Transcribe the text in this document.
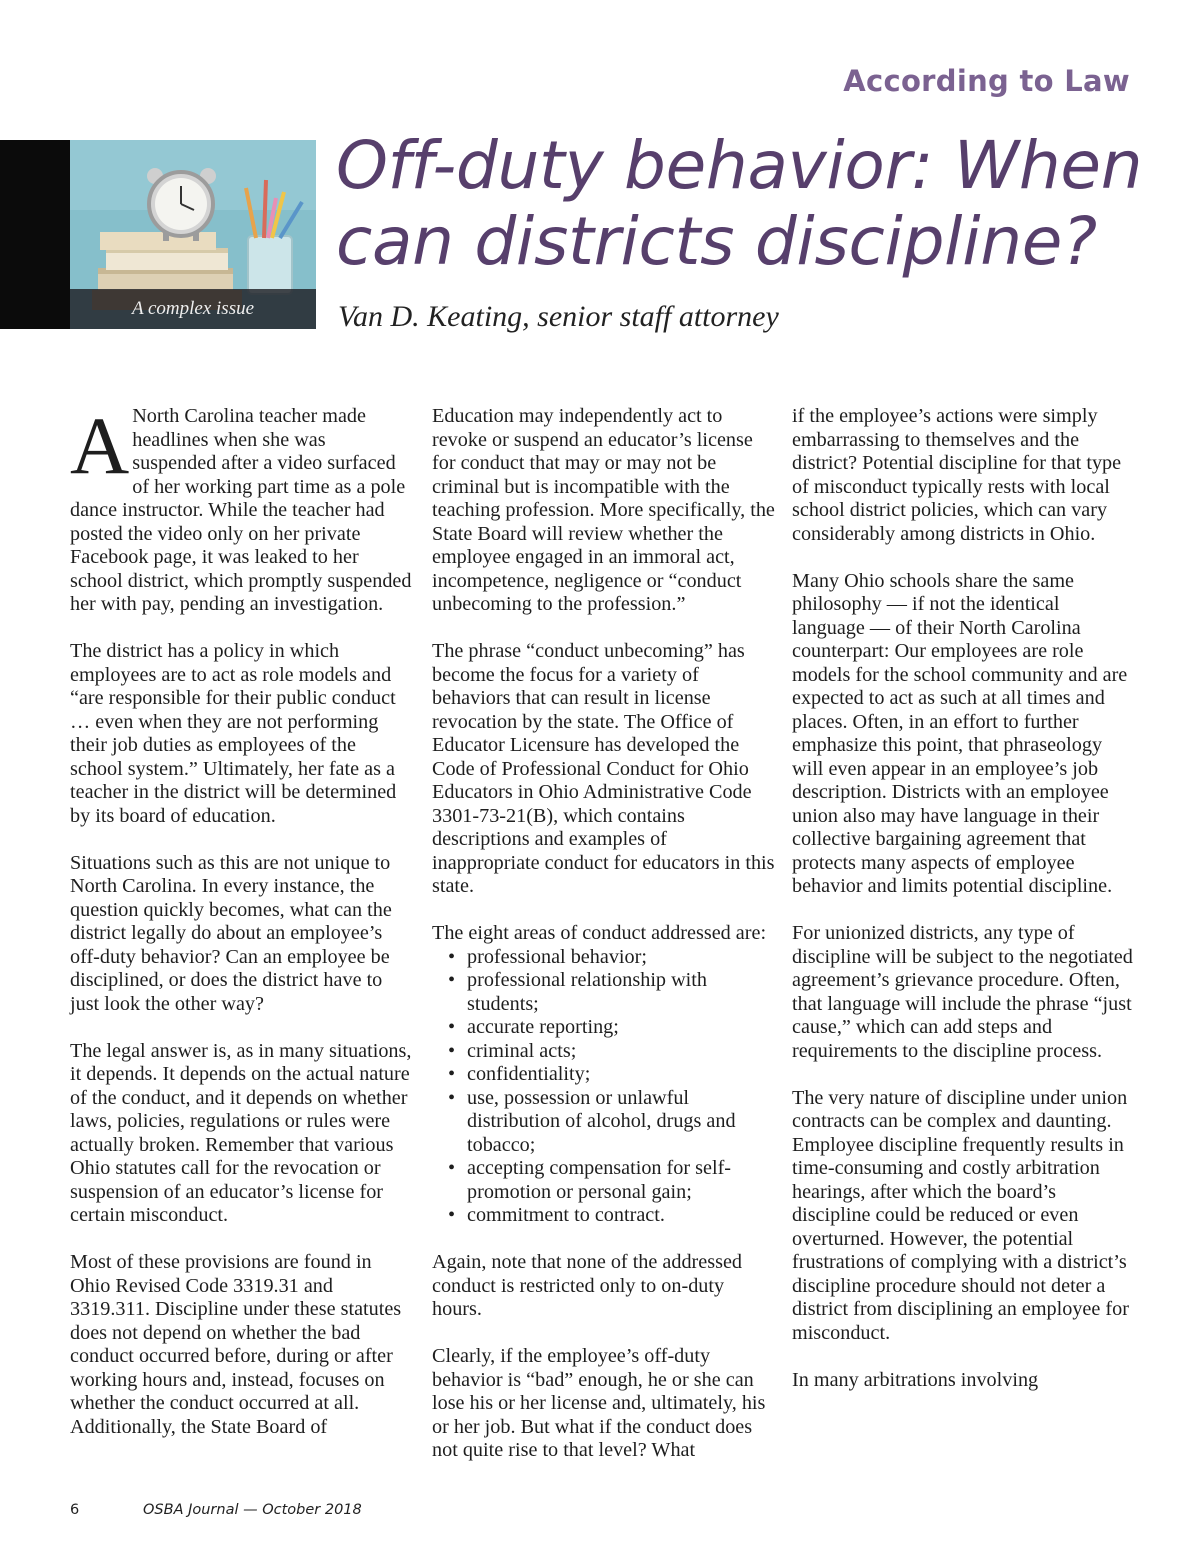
According to Law
A complex issue
Off-duty behavior: When can districts discipline?
Van D. Keating, senior staff attorney

A North Carolina teacher made headlines when she was suspended after a video surfaced of her working part time as a pole dance instructor. While the teacher had posted the video only on her private Facebook page, it was leaked to her school district, which promptly suspended her with pay, pending an investigation.

The district has a policy in which employees are to act as role models and “are responsible for their public conduct … even when they are not performing their job duties as employees of the school system.” Ultimately, her fate as a teacher in the district will be determined by its board of education.

Situations such as this are not unique to North Carolina. In every instance, the question quickly becomes, what can the district legally do about an employee’s off-duty behavior? Can an employee be disciplined, or does the district have to just look the other way?

The legal answer is, as in many situations, it depends. It depends on the actual nature of the conduct, and it depends on whether laws, policies, regulations or rules were actually broken. Remember that various Ohio statutes call for the revocation or suspension of an educator’s license for certain misconduct.

Most of these provisions are found in Ohio Revised Code 3319.31 and 3319.311. Discipline under these statutes does not depend on whether the bad conduct occurred before, during or after working hours and, instead, focuses on whether the conduct occurred at all. Additionally, the State Board of

Education may independently act to revoke or suspend an educator’s license for conduct that may or may not be criminal but is incompatible with the teaching profession. More specifically, the State Board will review whether the employee engaged in an immoral act, incompetence, negligence or “conduct unbecoming to the profession.”

The phrase “conduct unbecoming” has become the focus for a variety of behaviors that can result in license revocation by the state. The Office of Educator Licensure has developed the Code of Professional Conduct for Ohio Educators in Ohio Administrative Code 3301-73-21(B), which contains descriptions and examples of inappropriate conduct for educators in this state.

The eight areas of conduct addressed are:

• professional behavior;
• professional relationship with students;
• accurate reporting;
• criminal acts;
• confidentiality;
• use, possession or unlawful distribution of alcohol, drugs and tobacco;
• accepting compensation for self-promotion or personal gain;
• commitment to contract.

Again, note that none of the addressed conduct is restricted only to on-duty hours.

Clearly, if the employee’s off-duty behavior is “bad” enough, he or she can lose his or her license and, ultimately, his or her job. But what if the conduct does not quite rise to that level? What

if the employee’s actions were simply embarrassing to themselves and the district? Potential discipline for that type of misconduct typically rests with local school district policies, which can vary considerably among districts in Ohio.

Many Ohio schools share the same philosophy — if not the identical language — of their North Carolina counterpart: Our employees are role models for the school community and are expected to act as such at all times and places. Often, in an effort to further emphasize this point, that phraseology will even appear in an employee’s job description. Districts with an employee union also may have language in their collective bargaining agreement that protects many aspects of employee behavior and limits potential discipline.

For unionized districts, any type of discipline will be subject to the negotiated agreement’s grievance procedure. Often, that language will include the phrase “just cause,” which can add steps and requirements to the discipline process.

The very nature of discipline under union contracts can be complex and daunting. Employee discipline frequently results in time-consuming and costly arbitration hearings, after which the board’s discipline could be reduced or even overturned. However, the potential frustrations of complying with a district’s discipline procedure should not deter a district from disciplining an employee for misconduct.

In many arbitrations involving

6	OSBA Journal — October 2018
